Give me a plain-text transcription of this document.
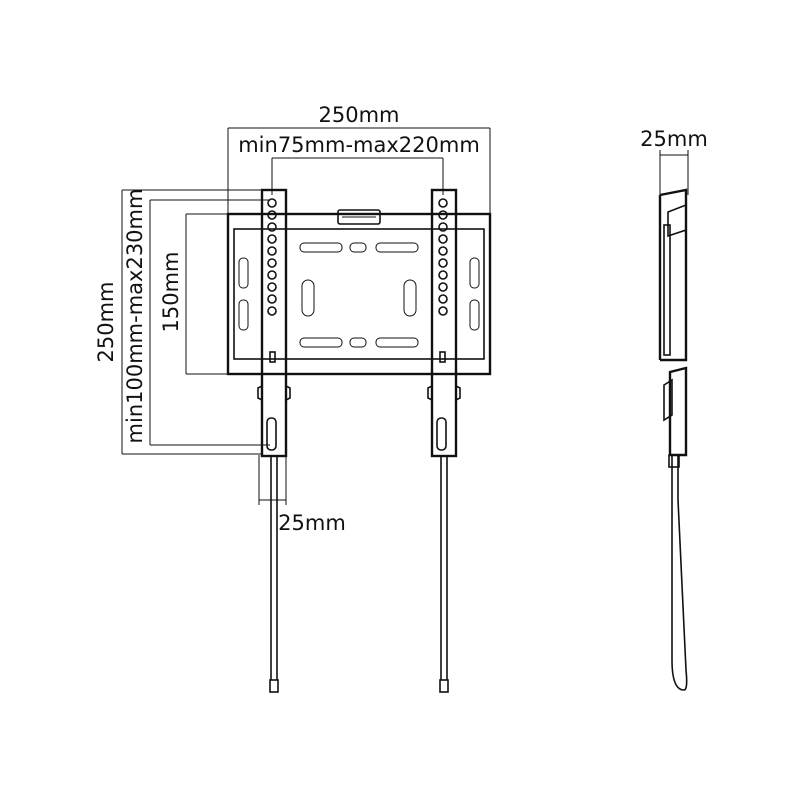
250mm
min75mm-max220mm
25mm
25mm
250mm min100mm-max230mm 150mm
